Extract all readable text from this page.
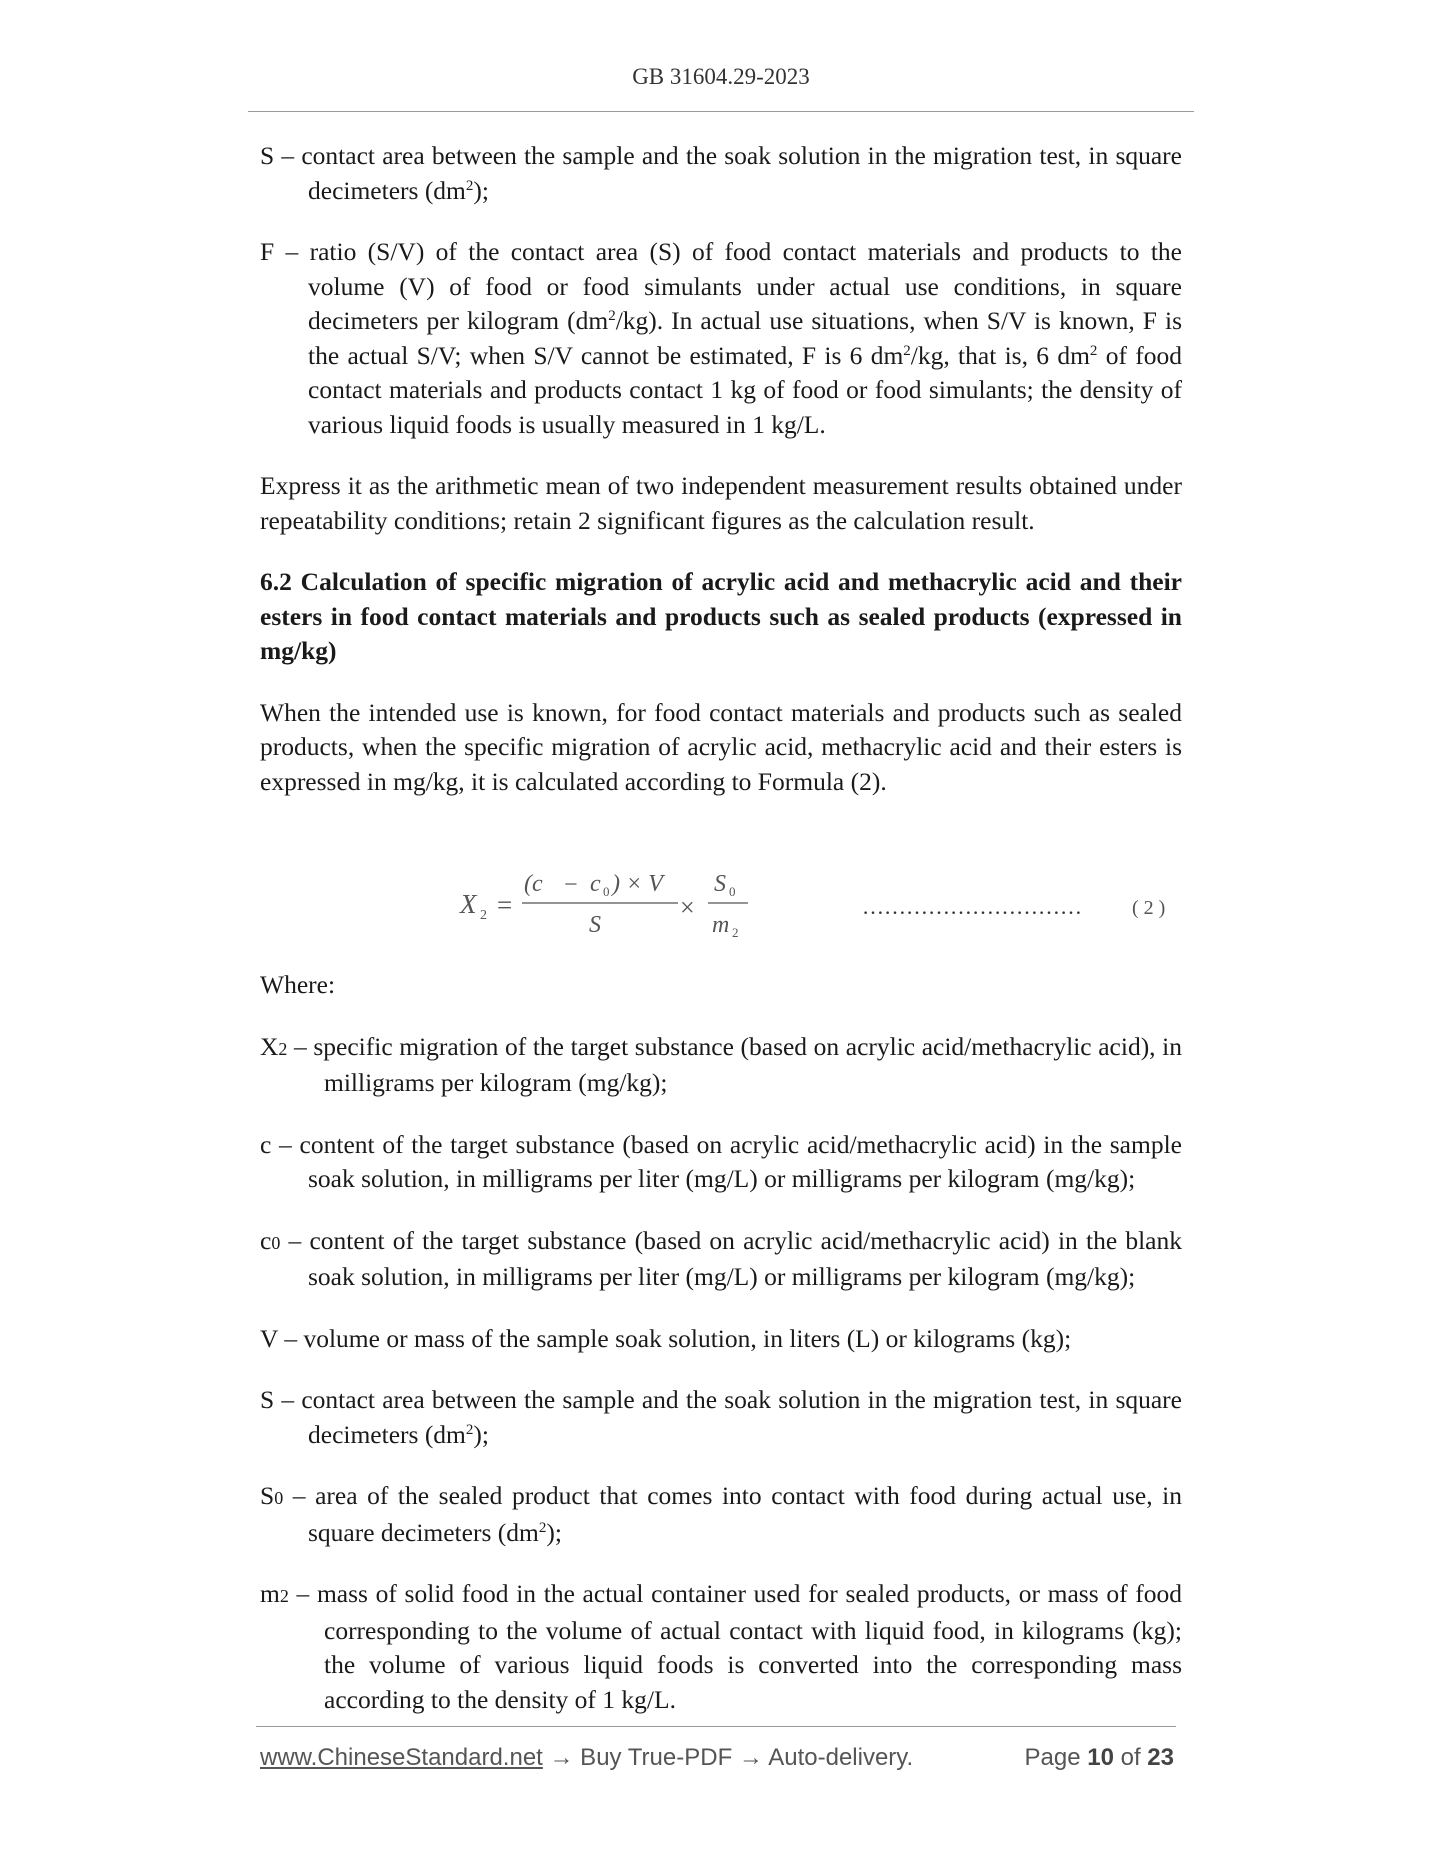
GB 31604.29-2023

S – contact area between the sample and the soak solution in the migration test, in square decimeters $(dm^2)$;

F – ratio (S/V) of the contact area (S) of food contact materials and products to the volume (V) of food or food simulants under actual use conditions, in square decimeters per kilogram $(dm^2/kg)$. In actual use situations, when S/V is known, F is the actual S/V; when S/V cannot be estimated, F is 6 $dm^2/kg$, that is, 6 $dm^2$ of food contact materials and products contact 1 kg of food or food simulants; the density of various liquid foods is usually measured in 1 kg/L.

Express it as the arithmetic mean of two independent measurement results obtained under repeatability conditions; retain 2 significant figures as the calculation result.

6.2 Calculation of specific migration of acrylic acid and methacrylic acid and their esters in food contact materials and products such as sealed products (expressed in mg/kg)

When the intended use is known, for food contact materials and products such as sealed products, when the specific migration of acrylic acid, methacrylic acid and their esters is expressed in mg/kg, it is calculated according to Formula (2).

X 2 =
(c − c 0 ) × V
S
×
S 0
m 2
…………………………	( 2 )

Where:

X2 – specific migration of the target substance (based on acrylic acid/methacrylic acid), in milligrams per kilogram (mg/kg);

c – content of the target substance (based on acrylic acid/methacrylic acid) in the sample soak solution, in milligrams per liter (mg/L) or milligrams per kilogram (mg/kg);

c0 – content of the target substance (based on acrylic acid/methacrylic acid) in the blank soak solution, in milligrams per liter (mg/L) or milligrams per kilogram (mg/kg);

V – volume or mass of the sample soak solution, in liters (L) or kilograms (kg);

S – contact area between the sample and the soak solution in the migration test, in square decimeters $(dm^2)$;

S0 – area of the sealed product that comes into contact with food during actual use, in square decimeters $(dm^2)$;

m2 – mass of solid food in the actual container used for sealed products, or mass of food corresponding to the volume of actual contact with liquid food, in kilograms (kg); the volume of various liquid foods is converted into the corresponding mass according to the density of 1 kg/L.

www.ChineseStandard.net → Buy True-PDF → Auto-delivery.	Page 10 of 23
